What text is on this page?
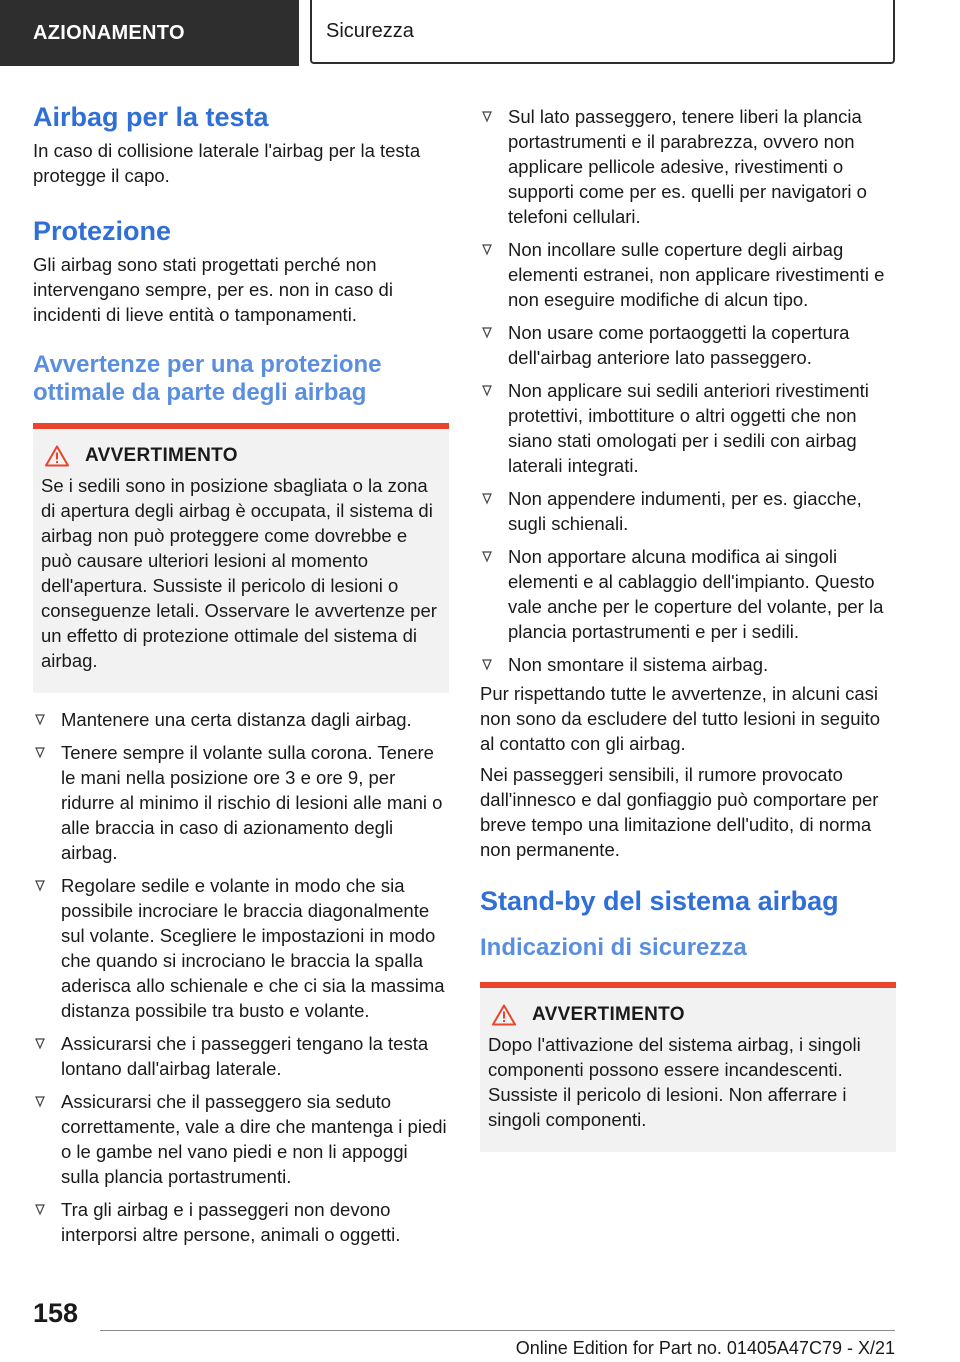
AZIONAMENTO	Sicurezza
Airbag per la testa

In caso di collisione laterale l'airbag per la testa protegge il capo.

Protezione

Gli airbag sono stati progettati perché non intervengano sempre, per es. non in caso di incidenti di lieve entità o tamponamenti.

Avvertenze per una protezione ottimale da parte degli airbag
AVVERTIMENTO

Se i sedili sono in posizione sbagliata o la zona di apertura degli airbag è occupata, il sistema di airbag non può proteggere come dovrebbe e può causare ulteriori lesioni al momento dell'apertura. Sussiste il pericolo di lesioni o conseguenze letali. Osservare le avvertenze per un effetto di protezione ottimale del sistema di airbag.

Mantenere una certa distanza dagli airbag.
Tenere sempre il volante sulla corona. Tenere le mani nella posizione ore 3 e ore 9, per ridurre al minimo il rischio di lesioni alle mani o alle braccia in caso di azionamento degli airbag.
Regolare sedile e volante in modo che sia possibile incrociare le braccia diagonalmente sul volante. Scegliere le impostazioni in modo che quando si incrociano le braccia la spalla aderisca allo schienale e che ci sia la massima distanza possibile tra busto e volante.
Assicurarsi che i passeggeri tengano la testa lontano dall'airbag laterale.
Assicurarsi che il passeggero sia seduto correttamente, vale a dire che mantenga i piedi o le gambe nel vano piedi e non li appoggi sulla plancia portastrumenti.
Tra gli airbag e i passeggeri non devono interporsi altre persone, animali o oggetti.
Sul lato passeggero, tenere liberi la plancia portastrumenti e il parabrezza, ovvero non applicare pellicole adesive, rivestimenti o supporti come per es. quelli per navigatori o telefoni cellulari.
Non incollare sulle coperture degli airbag elementi estranei, non applicare rivestimenti e non eseguire modifiche di alcun tipo.
Non usare come portaoggetti la copertura dell'airbag anteriore lato passeggero.
Non applicare sui sedili anteriori rivestimenti protettivi, imbottiture o altri oggetti che non siano stati omologati per i sedili con airbag laterali integrati.
Non appendere indumenti, per es. giacche, sugli schienali.
Non apportare alcuna modifica ai singoli elementi e al cablaggio dell'impianto. Questo vale anche per le coperture del volante, per la plancia portastrumenti e per i sedili.
Non smontare il sistema airbag.

Pur rispettando tutte le avvertenze, in alcuni casi non sono da escludere del tutto lesioni in seguito al contatto con gli airbag.

Nei passeggeri sensibili, il rumore provocato dall'innesco e dal gonfiaggio può comportare per breve tempo una limitazione dell'udito, di norma non permanente.

Stand-by del sistema airbag
Indicazioni di sicurezza
AVVERTIMENTO

Dopo l'attivazione del sistema airbag, i singoli componenti possono essere incandescenti. Sussiste il pericolo di lesioni. Non afferrare i singoli componenti.

158
Online Edition for Part no. 01405A47C79 - X/21
